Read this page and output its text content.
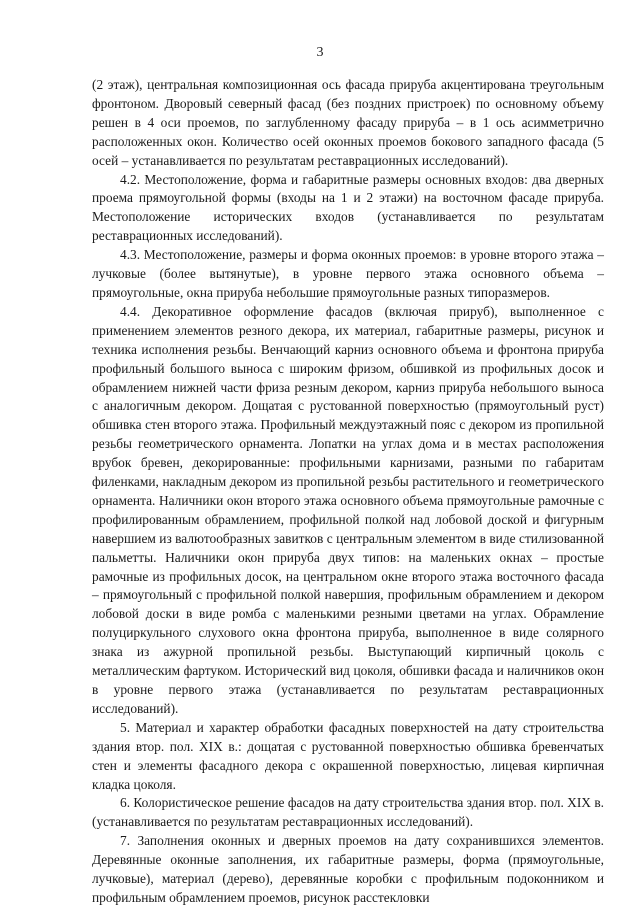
3

(2 этаж), центральная композиционная ось фасада прируба акцентирована треугольным фронтоном. Дворовый северный фасад (без поздних пристроек) по основному объему решен в 4 оси проемов, по заглубленному фасаду прируба – в 1 ось асимметрично расположенных окон. Количество осей оконных проемов бокового западного фасада (5 осей – устанавливается по результатам реставрационных исследований).

4.2. Местоположение, форма и габаритные размеры основных входов: два дверных проема прямоугольной формы (входы на 1 и 2 этажи) на восточном фасаде прируба. Местоположение исторических входов (устанавливается по результатам реставрационных исследований).

4.3. Местоположение, размеры и форма оконных проемов: в уровне второго этажа – лучковые (более вытянутые), в уровне первого этажа основного объема – прямоугольные, окна прируба небольшие прямоугольные разных типоразмеров.

4.4. Декоративное оформление фасадов (включая прируб), выполненное с применением элементов резного декора, их материал, габаритные размеры, рисунок и техника исполнения резьбы. Венчающий карниз основного объема и фронтона прируба профильный большого выноса с широким фризом, обшивкой из профильных досок и обрамлением нижней части фриза резным декором, карниз прируба небольшого выноса с аналогичным декором. Дощатая с рустованной поверхностью (прямоугольный руст) обшивка стен второго этажа. Профильный междуэтажный пояс с декором из пропильной резьбы геометрического орнамента. Лопатки на углах дома и в местах расположения врубок бревен, декорированные: профильными карнизами, разными по габаритам филенками, накладным декором из пропильной резьбы растительного и геометрического орнамента. Наличники окон второго этажа основного объема прямоугольные рамочные с профилированным обрамлением, профильной полкой над лобовой доской и фигурным навершием из валютообразных завитков с центральным элементом в виде стилизованной пальметты. Наличники окон прируба двух типов: на маленьких окнах – простые рамочные из профильных досок, на центральном окне второго этажа восточного фасада – прямоугольный с профильной полкой навершия, профильным обрамлением и декором лобовой доски в виде ромба с маленькими резными цветами на углах. Обрамление полуциркульного слухового окна фронтона прируба, выполненное в виде солярного знака из ажурной пропильной резьбы. Выступающий кирпичный цоколь с металлическим фартуком. Исторический вид цоколя, обшивки фасада и наличников окон в уровне первого этажа (устанавливается по результатам реставрационных исследований).

5. Материал и характер обработки фасадных поверхностей на дату строительства здания втор. пол. XIX в.: дощатая с рустованной поверхностью обшивка бревенчатых стен и элементы фасадного декора с окрашенной поверхностью, лицевая кирпичная кладка цоколя.

6. Колористическое решение фасадов на дату строительства здания втор. пол. XIX в. (устанавливается по результатам реставрационных исследований).

7. Заполнения оконных и дверных проемов на дату сохранившихся элементов. Деревянные оконные заполнения, их габаритные размеры, форма (прямоугольные, лучковые), материал (дерево), деревянные коробки с профильным подоконником и профильным обрамлением проемов, рисунок расстекловки
